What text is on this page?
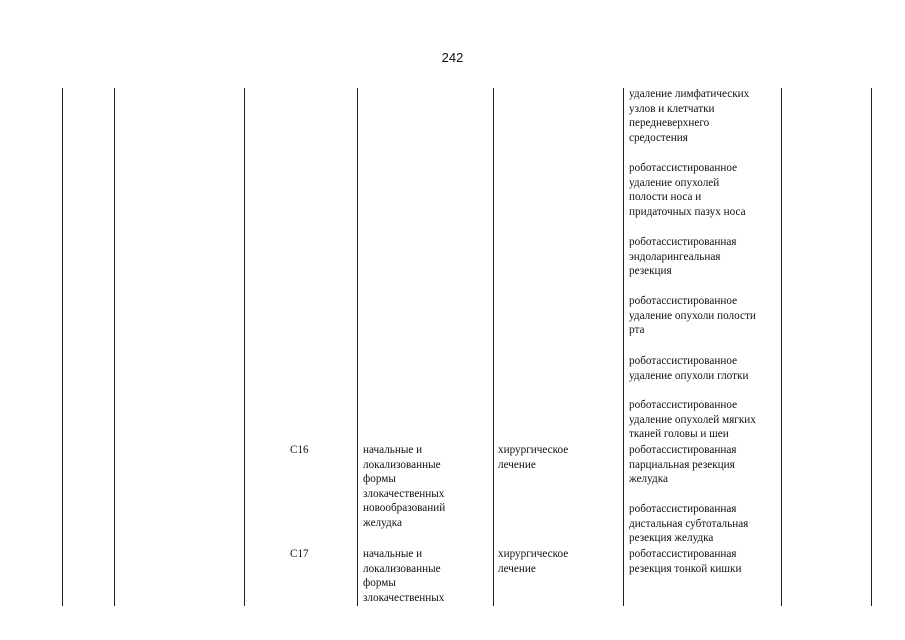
242
удаление лимфатических
узлов и клетчатки
передневерхнего
средостения
роботассистированное
удаление опухолей
полости носа и
придаточных пазух носа
роботассистированная
эндоларингеальная
резекция
роботассистированное
удаление опухоли полости
рта
роботассистированное
удаление опухоли глотки
роботассистированное
удаление опухолей мягких
тканей головы и шеи
C16	начальные и
локализованные
формы
злокачественных
новообразований
желудка
хирургическое
лечение
роботассистированная
парциальная резекция
желудка
роботассистированная
дистальная субтотальная
резекция желудка
C17	начальные и
локализованные
формы
злокачественных
хирургическое
лечение
роботассистированная
резекция тонкой кишки
